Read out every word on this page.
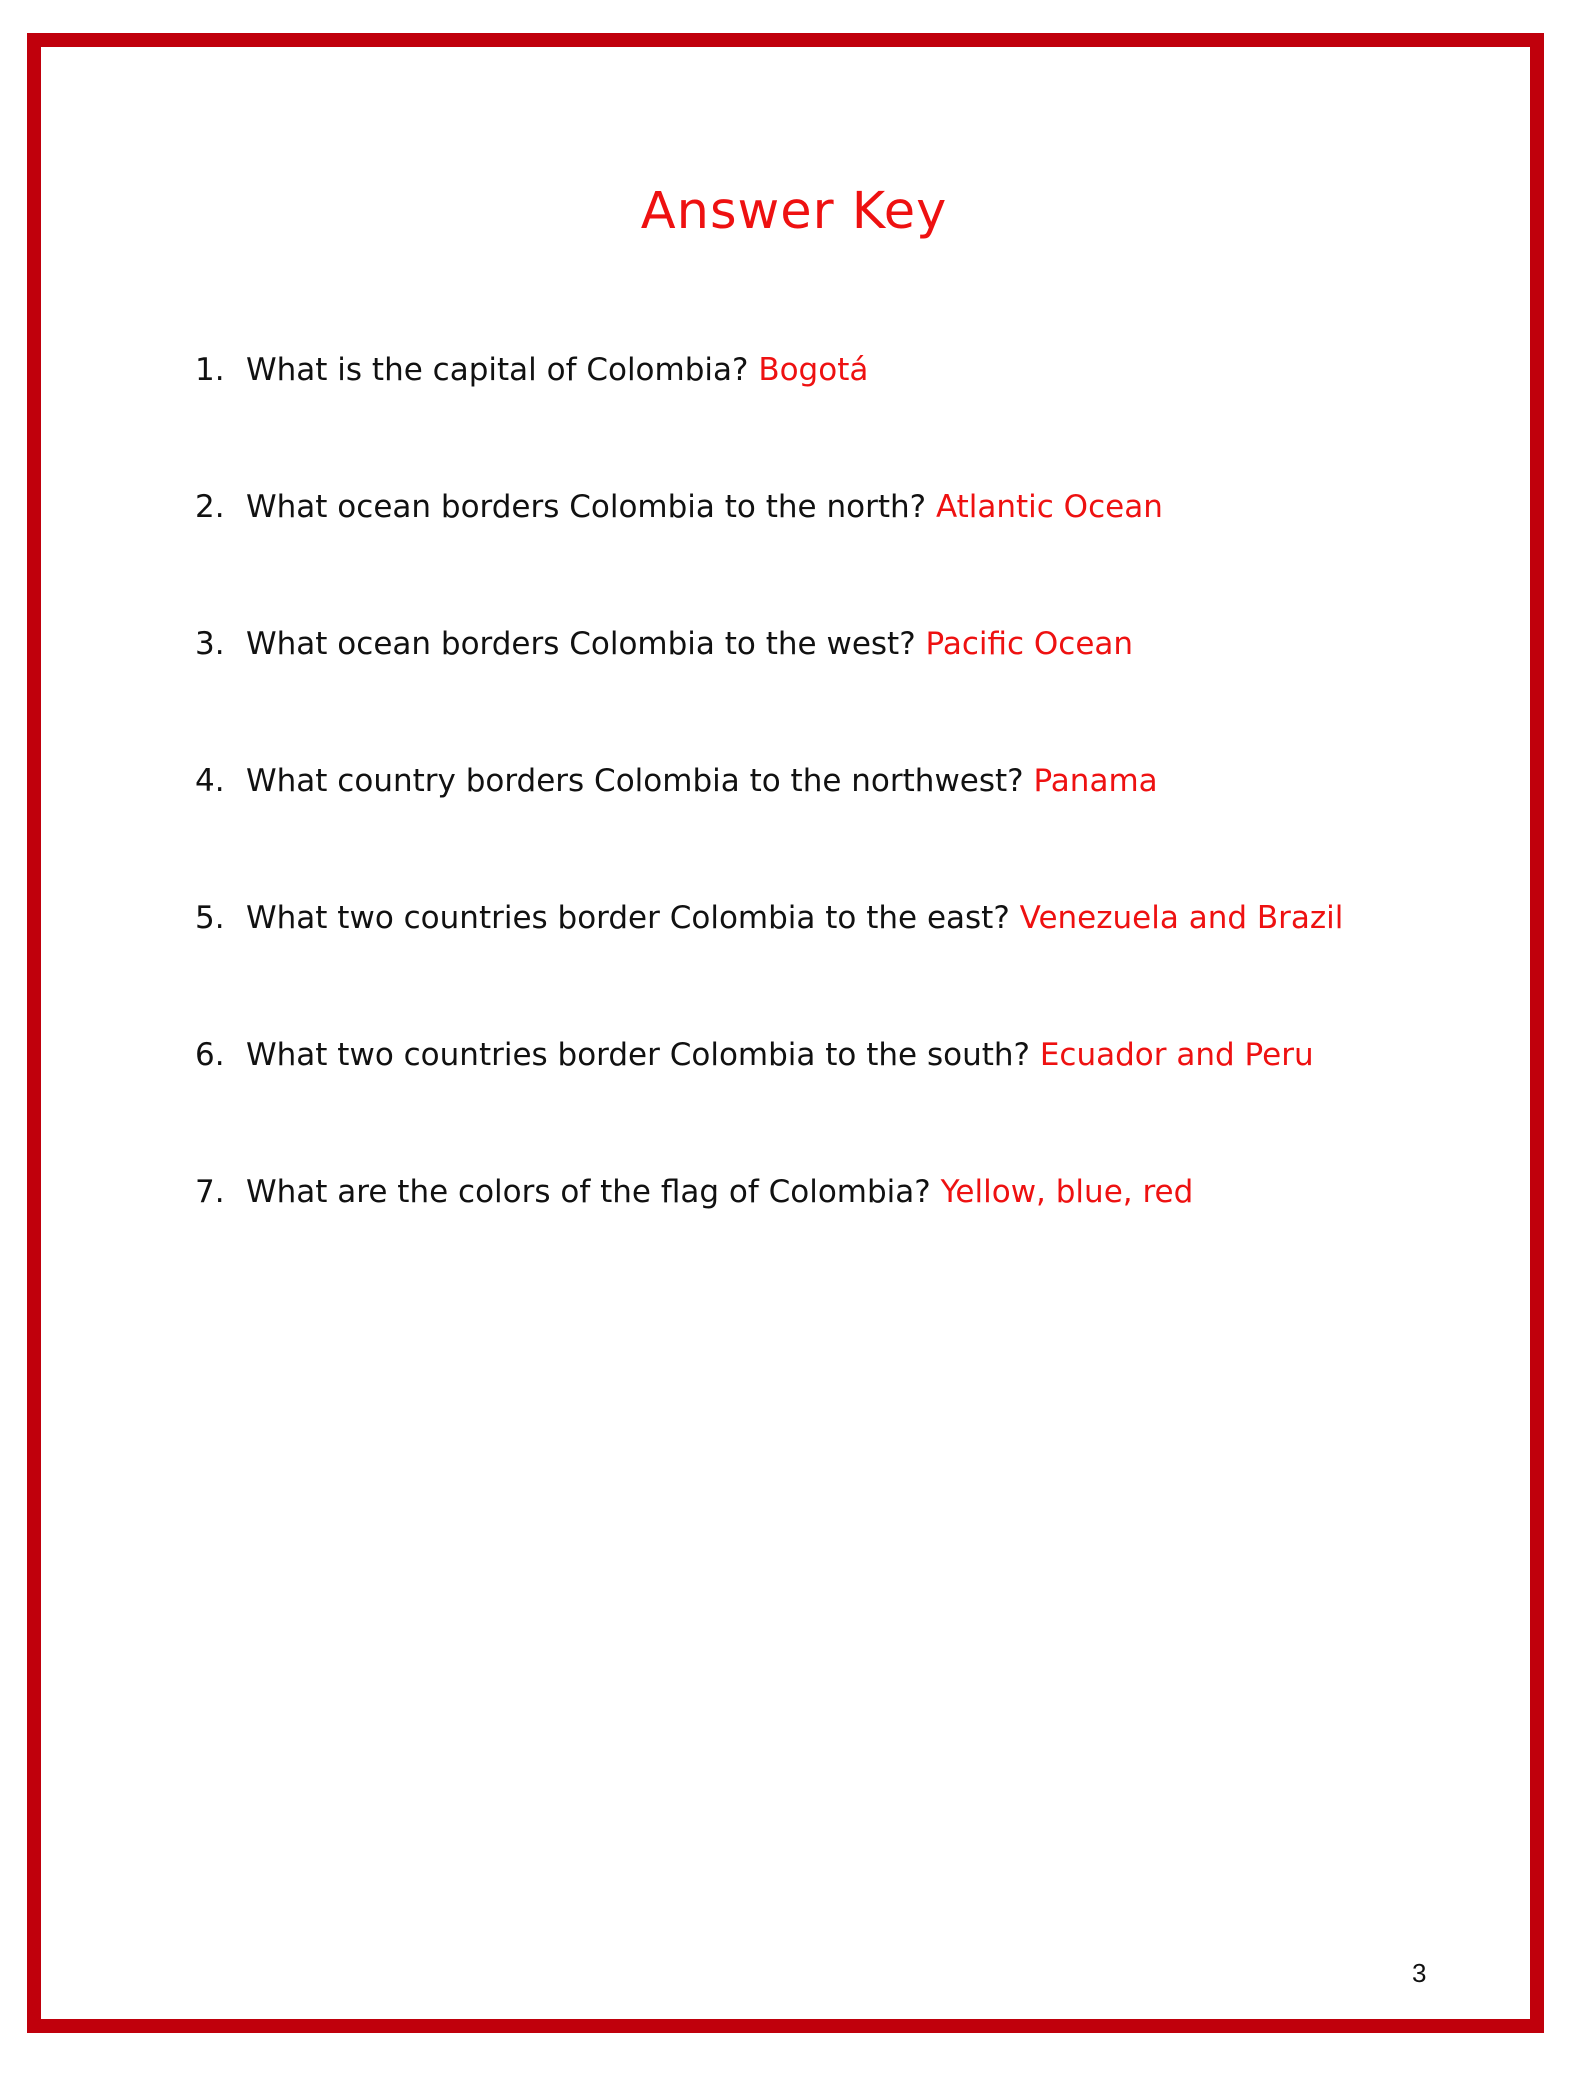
Answer Key
1. What is the capital of Colombia? Bogotá
2. What ocean borders Colombia to the north? Atlantic Ocean
3. What ocean borders Colombia to the west? Pacific Ocean
4. What country borders Colombia to the northwest? Panama
5. What two countries border Colombia to the east? Venezuela and Brazil
6. What two countries border Colombia to the south? Ecuador and Peru
7. What are the colors of the flag of Colombia? Yellow, blue, red
3
